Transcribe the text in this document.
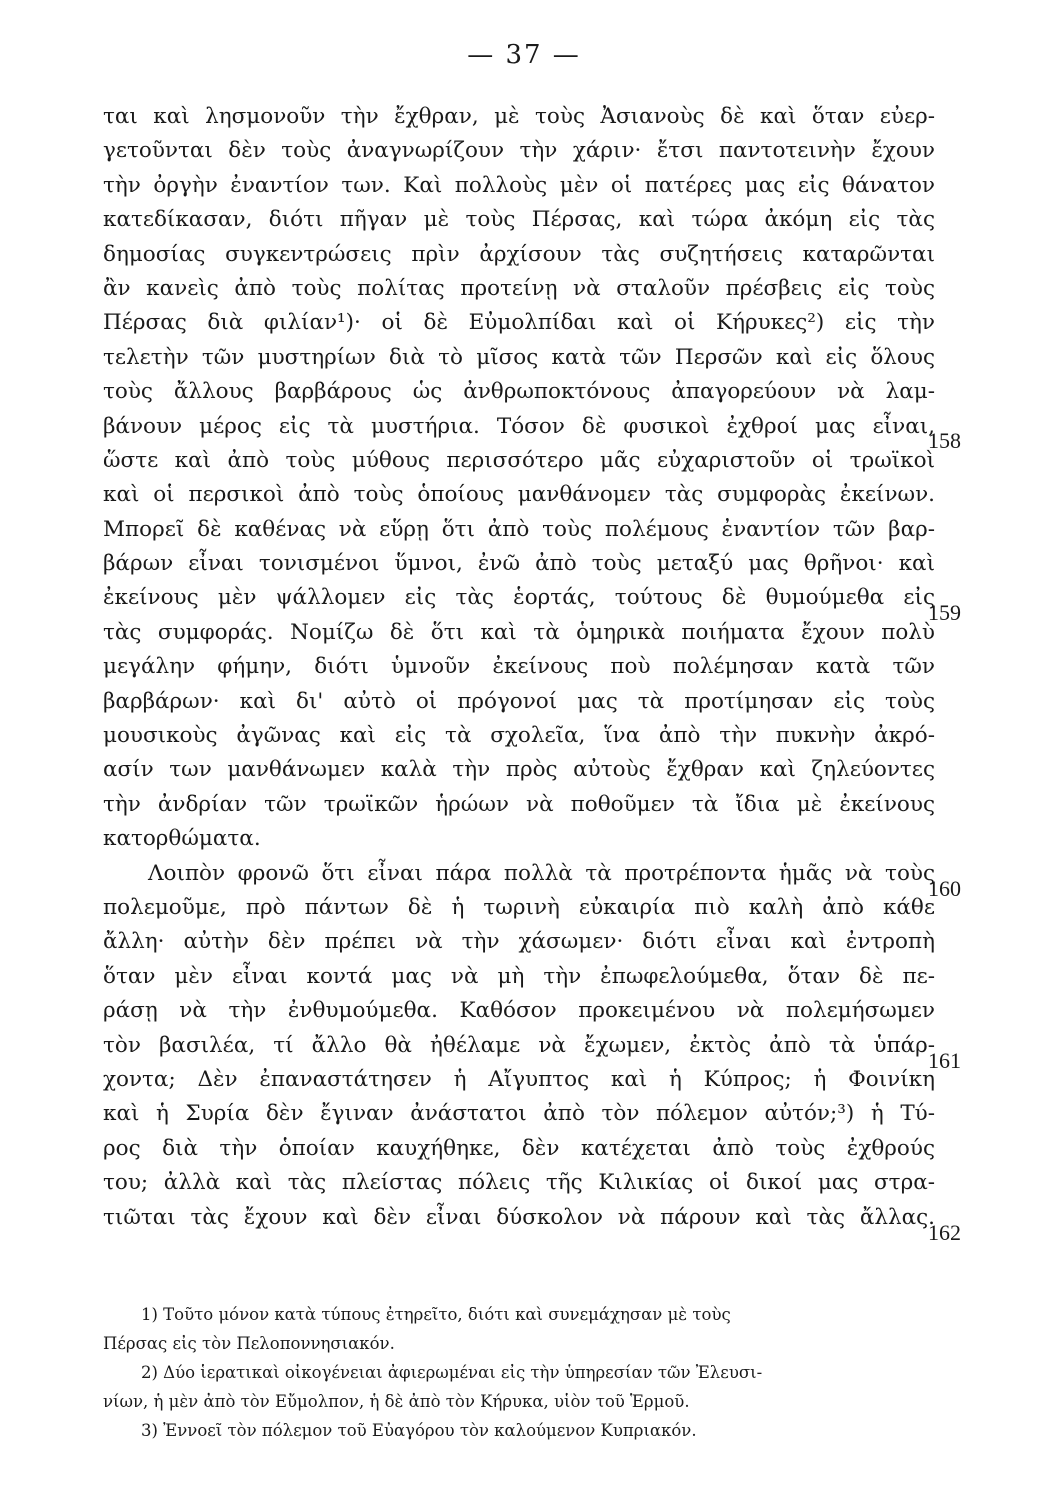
— 37 —
ται καὶ λησμονοῦν τὴν ἔχθραν, μὲ τοὺς Ἀσιανοὺς δὲ καὶ ὅταν εὐερ-
γετοῦνται δὲν τοὺς ἀναγνωρίζουν τὴν χάριν· ἔτσι παντοτεινὴν ἔχουν
τὴν ὀργὴν ἐναντίον των. Καὶ πολλοὺς μὲν οἱ πατέρες μας εἰς θάνατον
κατεδίκασαν, διότι πῆγαν μὲ τοὺς Πέρσας, καὶ τώρα ἀκόμη εἰς τὰς
δημοσίας συγκεντρώσεις πρὶν ἀρχίσουν τὰς συζητήσεις καταρῶνται
ἂν κανεὶς ἀπὸ τοὺς πολίτας προτείνῃ νὰ σταλοῦν πρέσβεις εἰς τοὺς
Πέρσας διὰ φιλίαν¹)· οἱ δὲ Εὐμολπίδαι καὶ οἱ Κήρυκες²) εἰς τὴν
τελετὴν τῶν μυστηρίων διὰ τὸ μῖσος κατὰ τῶν Περσῶν καὶ εἰς ὅλους
τοὺς ἄλλους βαρβάρους ὡς ἀνθρωποκτόνους ἀπαγορεύουν νὰ λαμ-
βάνουν μέρος εἰς τὰ μυστήρια. Τόσον δὲ φυσικοὶ ἐχθροί μας εἶναι,
ὥστε καὶ ἀπὸ τοὺς μύθους περισσότερο μᾶς εὐχαριστοῦν οἱ τρωϊκοὶ
καὶ οἱ περσικοὶ ἀπὸ τοὺς ὁποίους μανθάνομεν τὰς συμφορὰς ἐκείνων.
Μπορεῖ δὲ καθένας νὰ εὕρῃ ὅτι ἀπὸ τοὺς πολέμους ἐναντίον τῶν βαρ-
βάρων εἶναι τονισμένοι ὕμνοι, ἐνῶ ἀπὸ τοὺς μεταξύ μας θρῆνοι· καὶ
ἐκείνους μὲν ψάλλομεν εἰς τὰς ἑορτάς, τούτους δὲ θυμούμεθα εἰς
τὰς συμφοράς. Νομίζω δὲ ὅτι καὶ τὰ ὁμηρικὰ ποιήματα ἔχουν πολὺ
μεγάλην φήμην, διότι ὑμνοῦν ἐκείνους ποὺ πολέμησαν κατὰ τῶν
βαρβάρων· καὶ δι' αὐτὸ οἱ πρόγονοί μας τὰ προτίμησαν εἰς τοὺς
μουσικοὺς ἀγῶνας καὶ εἰς τὰ σχολεῖα, ἵνα ἀπὸ τὴν πυκνὴν ἀκρό-
ασίν των μανθάνωμεν καλὰ τὴν πρὸς αὐτοὺς ἔχθραν καὶ ζηλεύοντες
τὴν ἀνδρίαν τῶν τρωϊκῶν ἡρώων νὰ ποθοῦμεν τὰ ἴδια μὲ ἐκείνους
κατορθώματα.
Λοιπὸν φρονῶ ὅτι εἶναι πάρα πολλὰ τὰ προτρέποντα ἡμᾶς νὰ τοὺς
πολεμοῦμε, πρὸ πάντων δὲ ἡ τωρινὴ εὐκαιρία πιὸ καλὴ ἀπὸ κάθε
ἄλλη· αὐτὴν δὲν πρέπει νὰ τὴν χάσωμεν· διότι εἶναι καὶ ἐντροπὴ
ὅταν μὲν εἶναι κοντά μας νὰ μὴ τὴν ἐπωφελούμεθα, ὅταν δὲ πε-
ράσῃ νὰ τὴν ἐνθυμούμεθα. Καθόσον προκειμένου νὰ πολεμήσωμεν
τὸν βασιλέα, τί ἄλλο θὰ ἠθέλαμε νὰ ἔχωμεν, ἐκτὸς ἀπὸ τὰ ὑπάρ-
χοντα; Δὲν ἐπαναστάτησεν ἡ Αἴγυπτος καὶ ἡ Κύπρος; ἡ Φοινίκη
καὶ ἡ Συρία δὲν ἔγιναν ἀνάστατοι ἀπὸ τὸν πόλεμον αὐτόν;³) ἡ Τύ-
ρος διὰ τὴν ὁποίαν καυχήθηκε, δὲν κατέχεται ἀπὸ τοὺς ἐχθρούς
του; ἀλλὰ καὶ τὰς πλείστας πόλεις τῆς Κιλικίας οἱ δικοί μας στρα-
τιῶται τὰς ἔχουν καὶ δὲν εἶναι δύσκολον νὰ πάρουν καὶ τὰς ἄλλας.
158
159
160
161
162
1) Τοῦτο μόνον κατὰ τύπους ἐτηρεῖτο, διότι καὶ συνεμάχησαν μὲ τοὺς
Πέρσας εἰς τὸν Πελοποννησιακόν.
2) Δύο ἱερατικαὶ οἰκογένειαι ἀφιερωμέναι εἰς τὴν ὑπηρεσίαν τῶν Ἐλευσι-
νίων, ἡ μὲν ἀπὸ τὸν Εὔμολπον, ἡ δὲ ἀπὸ τὸν Κήρυκα, υἱὸν τοῦ Ἑρμοῦ.
3) Ἐννοεῖ τὸν πόλεμον τοῦ Εὐαγόρου τὸν καλούμενον Κυπριακόν.
